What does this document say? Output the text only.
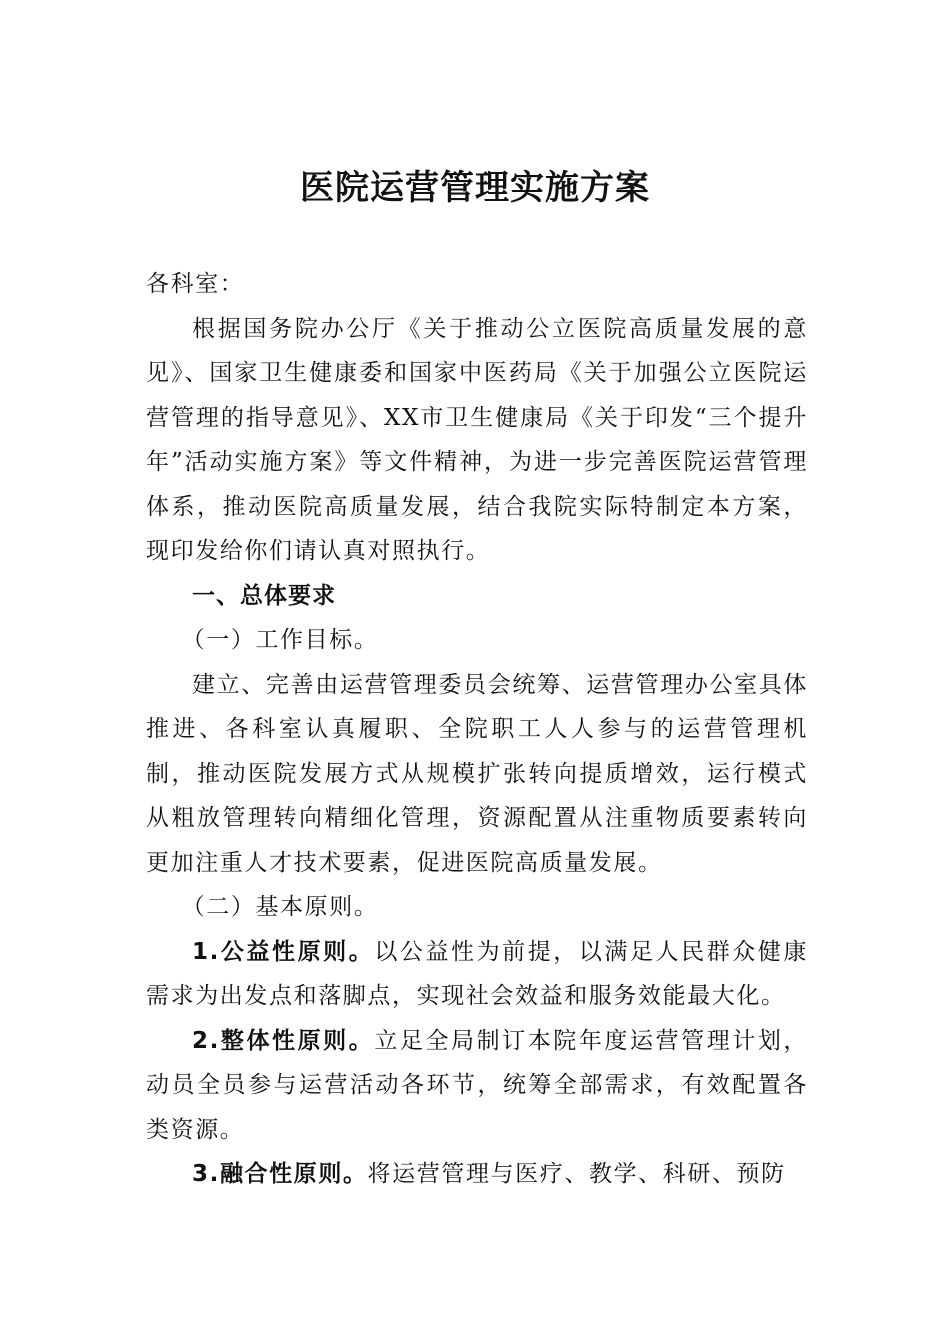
医院运营管理实施方案

各科室：

根据国务院办公厅《关于推动公立医院高质量发展的意见》、国家卫生健康委和国家中医药局《关于加强公立医院运营管理的指导意见》、XX市卫生健康局《关于印发“三个提升年”活动实施方案》等文件精神，为进一步完善医院运营管理体系，推动医院高质量发展，结合我院实际特制定本方案，现印发给你们请认真对照执行。

一、总体要求

（一）工作目标。

建立、完善由运营管理委员会统筹、运营管理办公室具体推进、各科室认真履职、全院职工人人参与的运营管理机制，推动医院发展方式从规模扩张转向提质增效，运行模式从粗放管理转向精细化管理，资源配置从注重物质要素转向更加注重人才技术要素，促进医院高质量发展。

（二）基本原则。

1.公益性原则。以公益性为前提，以满足人民群众健康需求为出发点和落脚点，实现社会效益和服务效能最大化。

2.整体性原则。立足全局制订本院年度运营管理计划，动员全员参与运营活动各环节，统筹全部需求，有效配置各类资源。

3.融合性原则。将运营管理与医疗、教学、科研、预防
